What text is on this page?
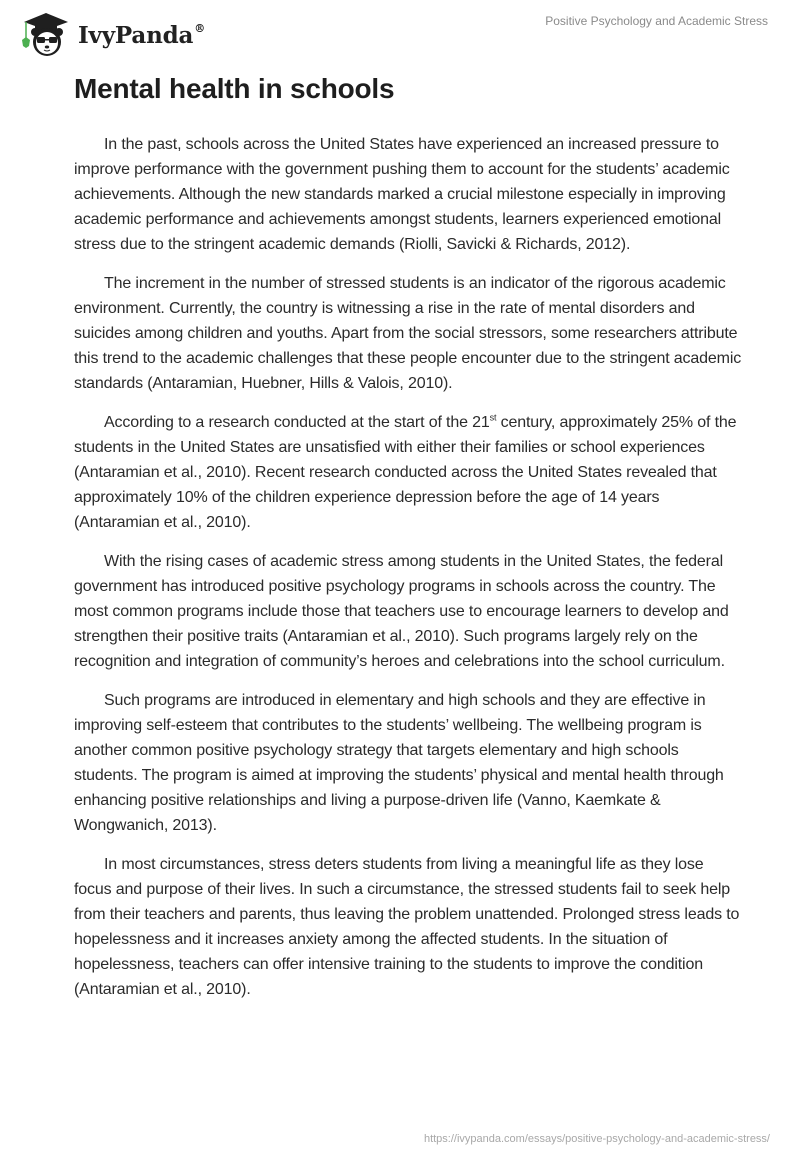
IvyPanda®
Positive Psychology and Academic Stress
Mental health in schools

In the past, schools across the United States have experienced an increased pressure to improve performance with the government pushing them to account for the students’ academic achievements. Although the new standards marked a crucial milestone especially in improving academic performance and achievements amongst students, learners experienced emotional stress due to the stringent academic demands (Riolli, Savicki & Richards, 2012).

The increment in the number of stressed students is an indicator of the rigorous academic environment. Currently, the country is witnessing a rise in the rate of mental disorders and suicides among children and youths. Apart from the social stressors, some researchers attribute this trend to the academic challenges that these people encounter due to the stringent academic standards (Antaramian, Huebner, Hills & Valois, 2010).

According to a research conducted at the start of the 21st century, approximately 25% of the students in the United States are unsatisfied with either their families or school experiences (Antaramian et al., 2010). Recent research conducted across the United States revealed that approximately 10% of the children experience depression before the age of 14 years (Antaramian et al., 2010).

With the rising cases of academic stress among students in the United States, the federal government has introduced positive psychology programs in schools across the country. The most common programs include those that teachers use to encourage learners to develop and strengthen their positive traits (Antaramian et al., 2010). Such programs largely rely on the recognition and integration of community’s heroes and celebrations into the school curriculum.

Such programs are introduced in elementary and high schools and they are effective in improving self-esteem that contributes to the students’ wellbeing. The wellbeing program is another common positive psychology strategy that targets elementary and high schools students. The program is aimed at improving the students’ physical and mental health through enhancing positive relationships and living a purpose-driven life (Vanno, Kaemkate & Wongwanich, 2013).

In most circumstances, stress deters students from living a meaningful life as they lose focus and purpose of their lives. In such a circumstance, the stressed students fail to seek help from their teachers and parents, thus leaving the problem unattended. Prolonged stress leads to hopelessness and it increases anxiety among the affected students. In the situation of hopelessness, teachers can offer intensive training to the students to improve the condition (Antaramian et al., 2010).

https://ivypanda.com/essays/positive-psychology-and-academic-stress/
